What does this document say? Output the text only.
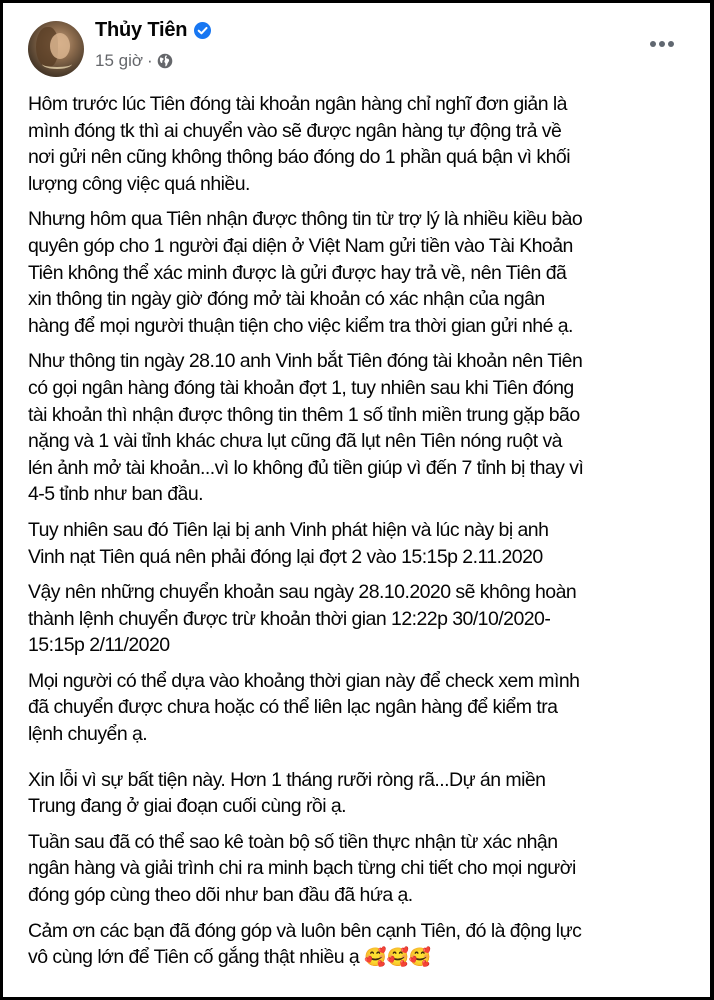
Thủy Tiên
15 giờ ·

Hôm trước lúc Tiên đóng tài khoản ngân hàng chỉ nghĩ đơn giản là
mình đóng tk thì ai chuyển vào sẽ được ngân hàng tự động trả về
nơi gửi nên cũng không thông báo đóng do 1 phần quá bận vì khối
lượng công việc quá nhiều.

Nhưng hôm qua Tiên nhận được thông tin từ trợ lý là nhiều kiều bào
quyên góp cho 1 người đại diện ở Việt Nam gửi tiền vào Tài Khoản
Tiên không thể xác minh được là gửi được hay trả về, nên Tiên đã
xin thông tin ngày giờ đóng mở tài khoản có xác nhận của ngân
hàng để mọi người thuận tiện cho việc kiểm tra thời gian gửi nhé ạ.

Như thông tin ngày 28.10 anh Vinh bắt Tiên đóng tài khoản nên Tiên
có gọi ngân hàng đóng tài khoản đợt 1, tuy nhiên sau khi Tiên đóng
tài khoản thì nhận được thông tin thêm 1 số tỉnh miền trung gặp bão
nặng và 1 vài tỉnh khác chưa lụt cũng đã lụt nên Tiên nóng ruột và
lén ảnh mở tài khoản...vì lo không đủ tiền giúp vì đến 7 tỉnh bị thay vì
4-5 tỉnb như ban đầu.

Tuy nhiên sau đó Tiên lại bị anh Vinh phát hiện và lúc này bị anh
Vinh nạt Tiên quá nên phải đóng lại đợt 2 vào 15:15p 2.11.2020

Vậy nên những chuyển khoản sau ngày 28.10.2020 sẽ không hoàn
thành lệnh chuyển được trừ khoản thời gian 12:22p 30/10/2020-
15:15p 2/11/2020

Mọi người có thể dựa vào khoảng thời gian này để check xem mình
đã chuyển được chưa hoặc có thể liên lạc ngân hàng để kiểm tra
lệnh chuyển ạ.

Xin lỗi vì sự bất tiện này. Hơn 1 tháng rưỡi ròng rã...Dự án miền
Trung đang ở giai đoạn cuối cùng rồi ạ.

Tuần sau đã có thể sao kê toàn bộ số tiền thực nhận từ xác nhận
ngân hàng và giải trình chi ra minh bạch từng chi tiết cho mọi người
đóng góp cùng theo dõi như ban đầu đã hứa ạ.

Cảm ơn các bạn đã đóng góp và luôn bên cạnh Tiên, đó là động lực
vô cùng lớn để Tiên cố gắng thật nhiều ạ 🥰🥰🥰
